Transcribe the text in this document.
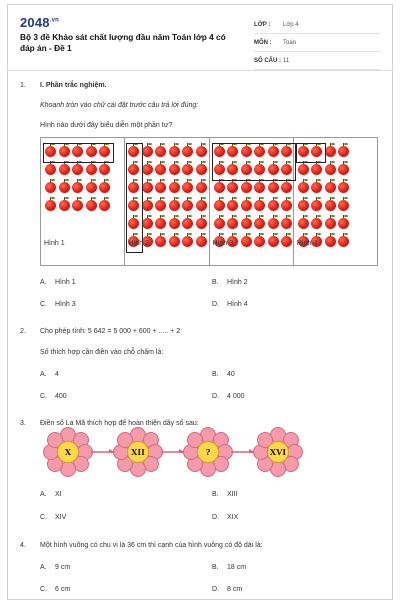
$2048^{.vn}$
Bộ 3 đề Khảo sát chất lượng đầu năm Toán lớp 4 có đáp án - Đề 1
LỚP :	Lớp 4
MÔN :	Toán
SỐ CÂU : 11
1. I. Phần trắc nghiệm.
Khoanh tròn vào chữ cái đặt trước câu trả lời đúng:
Hình nào dưới đây biểu diễn một phần tư?
Hình 1	Hình 2	Hình 3	Hình 4
A. Hình 1	B. Hình 2
C. Hình 3	D. Hình 4
2. Cho phép tính: 5 642 = 5 000 + 600 + ..... + 2
Số thích hợp cần điền vào chỗ chấm là:
A. 4	B. 40
C. 400	D. 4 000
3. Điền số La Mã thích hợp để hoàn thiện dãy số sau:
X	XII	?	XVI
A. XI	B. XIII
C. XIV	D. XIX
4. Một hình vuông có chu vi là 36 cm thì cạnh của hình vuông có độ dài là:
A. 9 cm	B. 18 cm
C. 6 cm	D. 8 cm
